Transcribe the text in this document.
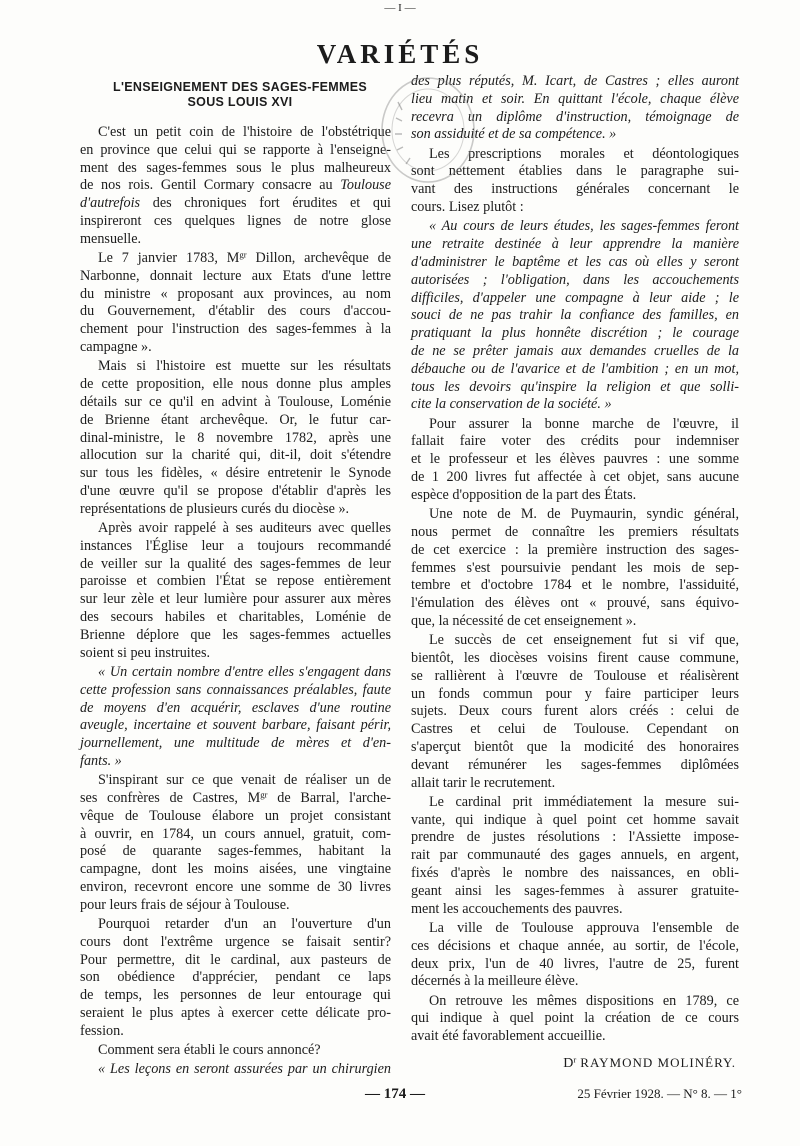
— I —
VARIÉTÉS
L'ENSEIGNEMENT DES SAGES-FEMMES
SOUS LOUIS XVI
C'est un petit coin de l'histoire de l'obstétrique
en province que celui qui se rapporte à l'enseigne-
ment des sages-femmes sous le plus malheureux
de nos rois. Gentil Cormary consacre au Toulouse
d'autrefois des chroniques fort érudites et qui
inspireront ces quelques lignes de notre glose
mensuelle.
Le 7 janvier 1783, $M^{gr}$ Dillon, archevêque de
Narbonne, donnait lecture aux Etats d'une lettre
du ministre « proposant aux provinces, au nom
du Gouvernement, d'établir des cours d'accou-
chement pour l'instruction des sages-femmes à la
campagne ».
Mais si l'histoire est muette sur les résultats
de cette proposition, elle nous donne plus amples
détails sur ce qu'il en advint à Toulouse, Loménie
de Brienne étant archevêque. Or, le futur car-
dinal-ministre, le 8 novembre 1782, après une
allocution sur la charité qui, dit-il, doit s'étendre
sur tous les fidèles, « désire entretenir le Synode
d'une œuvre qu'il se propose d'établir d'après les
représentations de plusieurs curés du diocèse ».
Après avoir rappelé à ses auditeurs avec quelles
instances l'Église leur a toujours recommandé
de veiller sur la qualité des sages-femmes de leur
paroisse et combien l'État se repose entièrement
sur leur zèle et leur lumière pour assurer aux mères
des secours habiles et charitables, Loménie de
Brienne déplore que les sages-femmes actuelles
soient si peu instruites.
« Un certain nombre d'entre elles s'engagent dans
cette profession sans connaissances préalables, faute
de moyens d'en acquérir, esclaves d'une routine
aveugle, incertaine et souvent barbare, faisant périr,
journellement, une multitude de mères et d'en-
fants. »
S'inspirant sur ce que venait de réaliser un de
ses confrères de Castres, $M^{gr}$ de Barral, l'arche-
vêque de Toulouse élabore un projet consistant
à ouvrir, en 1784, un cours annuel, gratuit, com-
posé de quarante sages-femmes, habitant la
campagne, dont les moins aisées, une vingtaine
environ, recevront encore une somme de 30 livres
pour leurs frais de séjour à Toulouse.
Pourquoi retarder d'un an l'ouverture d'un
cours dont l'extrême urgence se faisait sentir?
Pour permettre, dit le cardinal, aux pasteurs de
son obédience d'apprécier, pendant ce laps
de temps, les personnes de leur entourage qui
seraient le plus aptes à exercer cette délicate pro-
fession.
Comment sera établi le cours annoncé?
« Les leçons en seront assurées par un chirurgien
des plus réputés, M. Icart, de Castres ; elles auront
lieu matin et soir. En quittant l'école, chaque élève
recevra un diplôme d'instruction, témoignage de
son assiduité et de sa compétence. »
Les prescriptions morales et déontologiques
sont nettement établies dans le paragraphe sui-
vant des instructions générales concernant le
cours. Lisez plutôt :
« Au cours de leurs études, les sages-femmes feront
une retraite destinée à leur apprendre la manière
d'administrer le baptême et les cas où elles y seront
autorisées ; l'obligation, dans les accouchements
difficiles, d'appeler une compagne à leur aide ; le
souci de ne pas trahir la confiance des familles, en
pratiquant la plus honnête discrétion ; le courage
de ne se prêter jamais aux demandes cruelles de la
débauche ou de l'avarice et de l'ambition ; en un mot,
tous les devoirs qu'inspire la religion et que solli-
cite la conservation de la société. »
Pour assurer la bonne marche de l'œuvre, il
fallait faire voter des crédits pour indemniser
et le professeur et les élèves pauvres : une somme
de 1 200 livres fut affectée à cet objet, sans aucune
espèce d'opposition de la part des États.
Une note de M. de Puymaurin, syndic général,
nous permet de connaître les premiers résultats
de cet exercice : la première instruction des sages-
femmes s'est poursuivie pendant les mois de sep-
tembre et d'octobre 1784 et le nombre, l'assiduité,
l'émulation des élèves ont « prouvé, sans équivo-
que, la nécessité de cet enseignement ».
Le succès de cet enseignement fut si vif que,
bientôt, les diocèses voisins firent cause commune,
se rallièrent à l'œuvre de Toulouse et réalisèrent
un fonds commun pour y faire participer leurs
sujets. Deux cours furent alors créés : celui de
Castres et celui de Toulouse. Cependant on
s'aperçut bientôt que la modicité des honoraires
devant rémunérer les sages-femmes diplômées
allait tarir le recrutement.
Le cardinal prit immédiatement la mesure sui-
vante, qui indique à quel point cet homme savait
prendre de justes résolutions : l'Assiette impose-
rait par communauté des gages annuels, en argent,
fixés d'après le nombre des naissances, en obli-
geant ainsi les sages-femmes à assurer gratuite-
ment les accouchements des pauvres.
La ville de Toulouse approuva l'ensemble de
ces décisions et chaque année, au sortir, de l'école,
deux prix, l'un de 40 livres, l'autre de 25, furent
décernés à la meilleure élève.
On retrouve les mêmes dispositions en 1789, ce
qui indique à quel point la création de ce cours
avait été favorablement accueillie.
$D^r$ RAYMOND MOLINÉRY.
— 174 —	25 Février 1928. — N° 8. — 1°
